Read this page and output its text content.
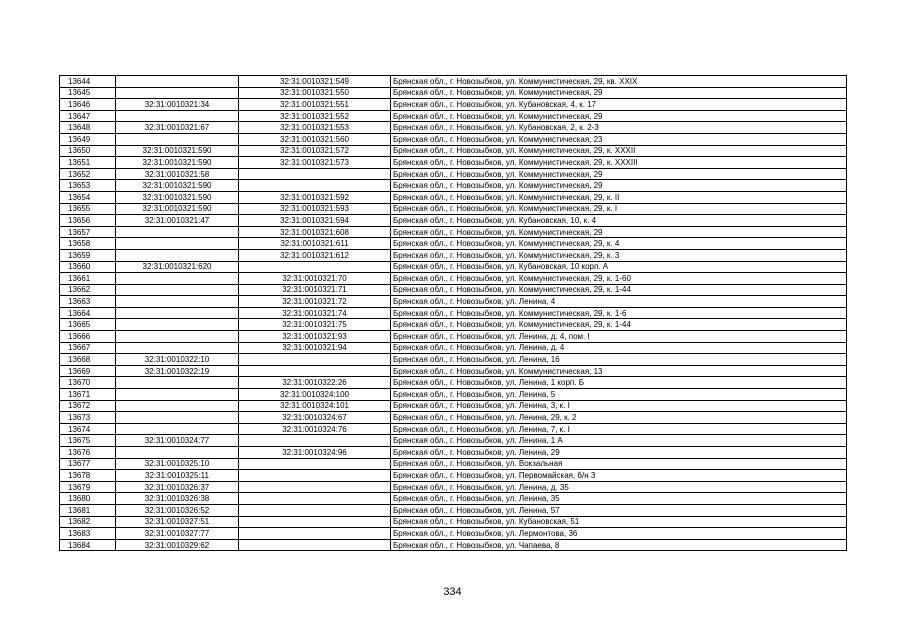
13644		32:31:0010321:549	Брянская обл., г. Новозыбков, ул. Коммунистическая, 29, кв. XXIX
13645		32:31:0010321:550	Брянская обл., г. Новозыбков, ул. Коммунистическая, 29
13646	32:31:0010321:34	32:31:0010321:551	Брянская обл., г. Новозыбков, ул. Кубановская, 4, к. 17
13647		32:31:0010321:552	Брянская обл., г. Новозыбков, ул. Коммунистическая, 29
13648	32:31:0010321:67	32:31:0010321:553	Брянская обл., г. Новозыбков, ул. Кубановская, 2, к. 2-3
13649		32:31:0010321:560	Брянская обл., г. Новозыбков, ул. Коммунистическая, 23
13650	32:31:0010321:590	32:31:0010321:572	Брянская обл., г. Новозыбков, ул. Коммунистическая, 29, к. XXXII
13651	32:31:0010321:590	32:31:0010321:573	Брянская обл., г. Новозыбков, ул. Коммунистическая, 29, к. XXXIII
13652	32:31:0010321:58		Брянская обл., г. Новозыбков, ул. Коммунистическая, 29
13653	32:31:0010321:590		Брянская обл., г. Новозыбков, ул. Коммунистическая, 29
13654	32:31:0010321:590	32:31:0010321:592	Брянская обл., г. Новозыбков, ул. Коммунистическая, 29, к. II
13655	32:31:0010321:590	32:31:0010321:593	Брянская обл., г. Новозыбков, ул. Коммунистическая, 29, к. I
13656	32:31:0010321:47	32:31:0010321:594	Брянская обл., г. Новозыбков, ул. Кубановская, 10, к. 4
13657		32:31:0010321:608	Брянская обл., г. Новозыбков, ул. Коммунистическая, 29
13658		32:31:0010321:611	Брянская обл., г. Новозыбков, ул. Коммунистическая, 29, к. 4
13659		32:31:0010321:612	Брянская обл., г. Новозыбков, ул. Коммунистическая, 29, к. 3
13660	32:31:0010321:620		Брянская обл., г. Новозыбков, ул. Кубановская, 10 корп. А
13661		32:31:0010321:70	Брянская обл., г. Новозыбков, ул. Коммунистическая, 29, к. 1-60
13662		32:31:0010321:71	Брянская обл., г. Новозыбков, ул. Коммунистическая, 29, к. 1-44
13663		32:31:0010321:72	Брянская обл., г. Новозыбков, ул. Ленина, 4
13664		32:31:0010321:74	Брянская обл., г. Новозыбков, ул. Коммунистическая, 29, к. 1-6
13665		32:31:0010321:75	Брянская обл., г. Новозыбков, ул. Коммунистическая, 29, к. 1-44
13666		32:31:0010321:93	Брянская обл., г. Новозыбков, ул. Ленина, д. 4, пом. I
13667		32:31:0010321:94	Брянская обл., г. Новозыбков, ул. Ленина, д. 4
13668	32:31:0010322:10		Брянская обл., г. Новозыбков, ул. Ленина, 16
13669	32:31:0010322:19		Брянская обл., г. Новозыбков, ул. Коммунистическая, 13
13670		32:31:0010322:26	Брянская обл., г. Новозыбков, ул. Ленина, 1 корп. Б
13671		32:31:0010324:100	Брянская обл., г. Новозыбков, ул. Ленина, 5
13672		32:31:0010324:101	Брянская обл., г. Новозыбков, ул. Ленина, 3, к. I
13673		32:31:0010324:67	Брянская обл., г. Новозыбков, ул. Ленина, 29, к. 2
13674		32:31:0010324:76	Брянская обл., г. Новозыбков, ул. Ленина, 7, к. I
13675	32:31:0010324:77		Брянская обл., г. Новозыбков, ул. Ленина, 1 А
13676		32:31:0010324:96	Брянская обл., г. Новозыбков, ул. Ленина, 29
13677	32:31:0010325:10		Брянская обл., г. Новозыбков, ул. Вокзальная
13678	32:31:0010325:11		Брянская обл., г. Новозыбков, ул. Первомайская, б/н 3
13679	32:31:0010326:37		Брянская обл., г. Новозыбков, ул. Ленина, д. 35
13680	32:31:0010326:38		Брянская обл., г. Новозыбков, ул. Ленина, 35
13681	32:31:0010326:52		Брянская обл., г. Новозыбков, ул. Ленина, 57
13682	32:31:0010327:51		Брянская обл., г. Новозыбков, ул. Кубановская, 51
13683	32:31:0010327:77		Брянская обл., г. Новозыбков, ул. Лермонтова, 36
13684	32:31:0010329:62		Брянская обл., г. Новозыбков, ул. Чапаева, 8
334
